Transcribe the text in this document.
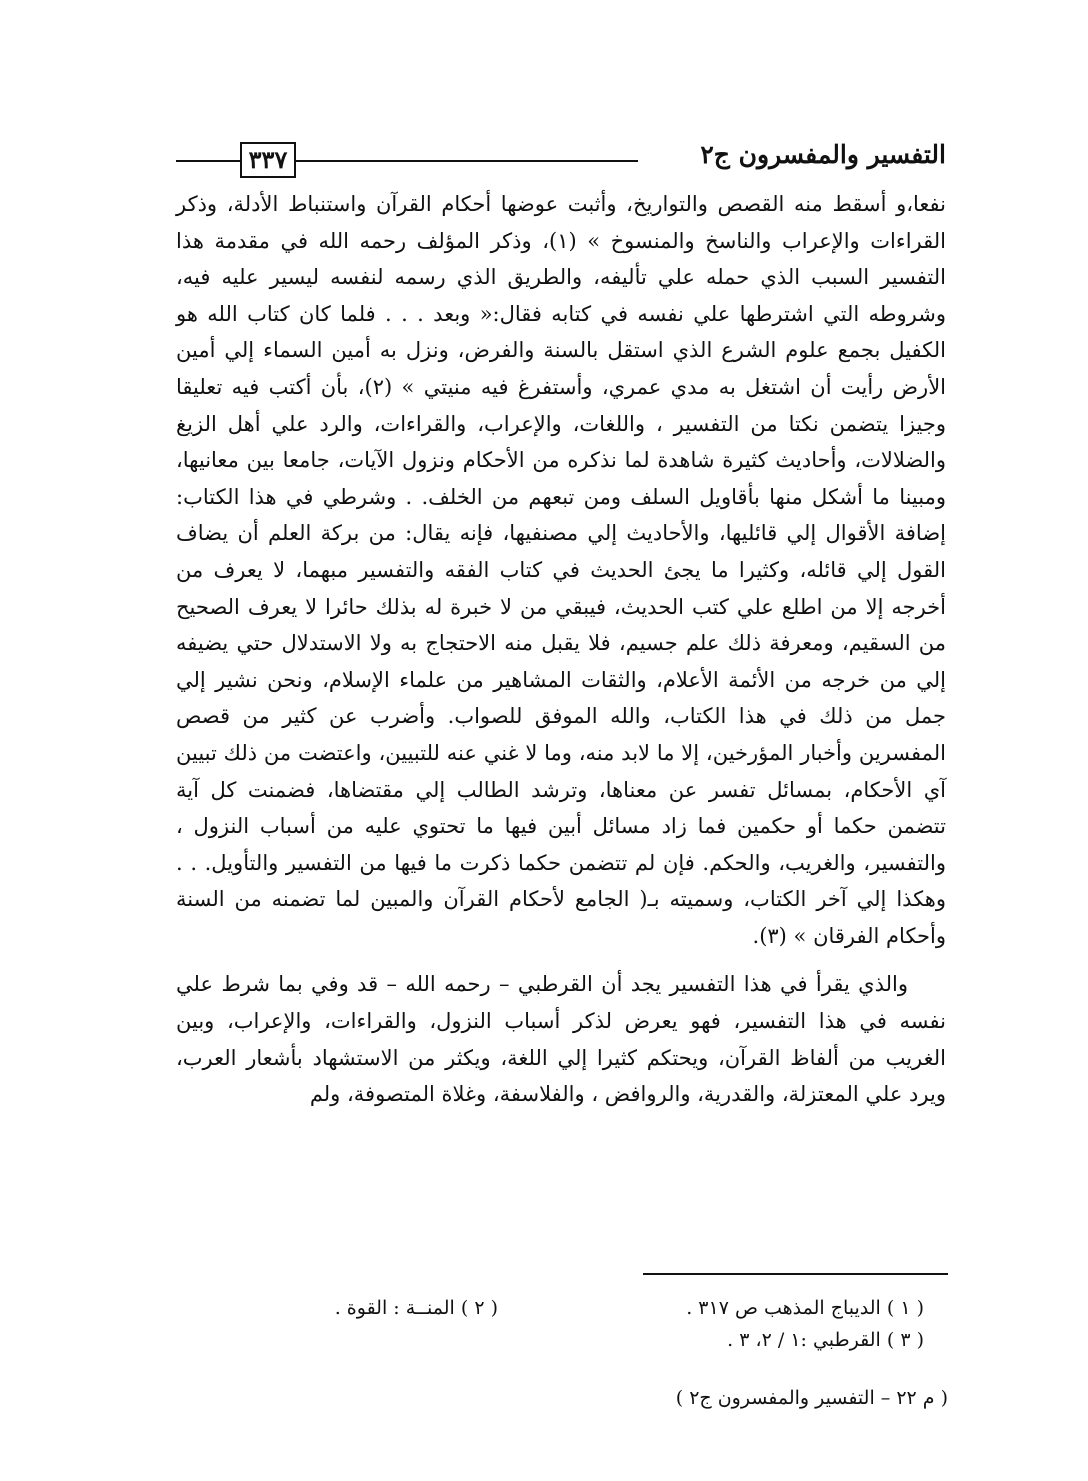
التفسير والمفسرون ج٢
٣٣٧

نفعا،و أسقط منه القصص والتواريخ، وأثبت عوضها أحكام القرآن واستنباط الأدلة، وذكر القراءات والإعراب والناسخ والمنسوخ » (١)، وذكر المؤلف رحمه الله في مقدمة هذا التفسير السبب الذي حمله علي تأليفه، والطريق الذي رسمه لنفسه ليسير عليه فيه، وشروطه التي اشترطها علي نفسه في كتابه فقال:« وبعد . . . فلما كان كتاب الله هو الكفيل بجمع علوم الشرع الذي استقل بالسنة والفرض، ونزل به أمين السماء إلي أمين الأرض رأيت أن اشتغل به مدي عمري، وأستفرغ فيه منيتي » (٢)، بأن أكتب فيه تعليقا وجيزا يتضمن نكتا من التفسير ، واللغات، والإعراب، والقراءات، والرد علي أهل الزيغ والضلالات، وأحاديث كثيرة شاهدة لما نذكره من الأحكام ونزول الآيات، جامعا بين معانيها، ومبينا ما أشكل منها بأقاويل السلف ومن تبعهم من الخلف. . وشرطي في هذا الكتاب: إضافة الأقوال إلي قائليها، والأحاديث إلي مصنفيها، فإنه يقال: من بركة العلم أن يضاف القول إلي قائله، وكثيرا ما يجئ الحديث في كتاب الفقه والتفسير مبهما، لا يعرف من أخرجه إلا من اطلع علي كتب الحديث، فيبقي من لا خبرة له بذلك حائرا لا يعرف الصحيح من السقيم، ومعرفة ذلك علم جسيم، فلا يقبل منه الاحتجاج به ولا الاستدلال حتي يضيفه إلي من خرجه من الأئمة الأعلام، والثقات المشاهير من علماء الإسلام، ونحن نشير إلي جمل من ذلك في هذا الكتاب، والله الموفق للصواب. وأضرب عن كثير من قصص المفسرين وأخبار المؤرخين، إلا ما لابد منه، وما لا غني عنه للتبيين، واعتضت من ذلك تبيين آي الأحكام، بمسائل تفسر عن معناها، وترشد الطالب إلي مقتضاها، فضمنت كل آية تتضمن حكما أو حكمين فما زاد مسائل أبين فيها ما تحتوي عليه من أسباب النزول ، والتفسير، والغريب، والحكم. فإن لم تتضمن حكما ذكرت ما فيها من التفسير والتأويل. . . وهكذا إلي آخر الكتاب، وسميته بـ( الجامع لأحكام القرآن والمبين لما تضمنه من السنة وأحكام الفرقان » (٣).

والذي يقرأ في هذا التفسير يجد أن القرطبي – رحمه الله – قد وفي بما شرط علي نفسه في هذا التفسير، فهو يعرض لذكر أسباب النزول، والقراءات، والإعراب، وبين الغريب من ألفاظ القرآن، ويحتكم كثيرا إلي اللغة، ويكثر من الاستشهاد بأشعار العرب، ويرد علي المعتزلة، والقدرية، والروافض ، والفلاسفة، وغلاة المتصوفة، ولم

( ١ ) الديباج المذهب ص ٣١٧ .
( ٢ ) المنــة : القوة .
( ٣ ) القرطبي :١ / ٢، ٣ .
( م ٢٢ – التفسير والمفسرون ج٢ )
